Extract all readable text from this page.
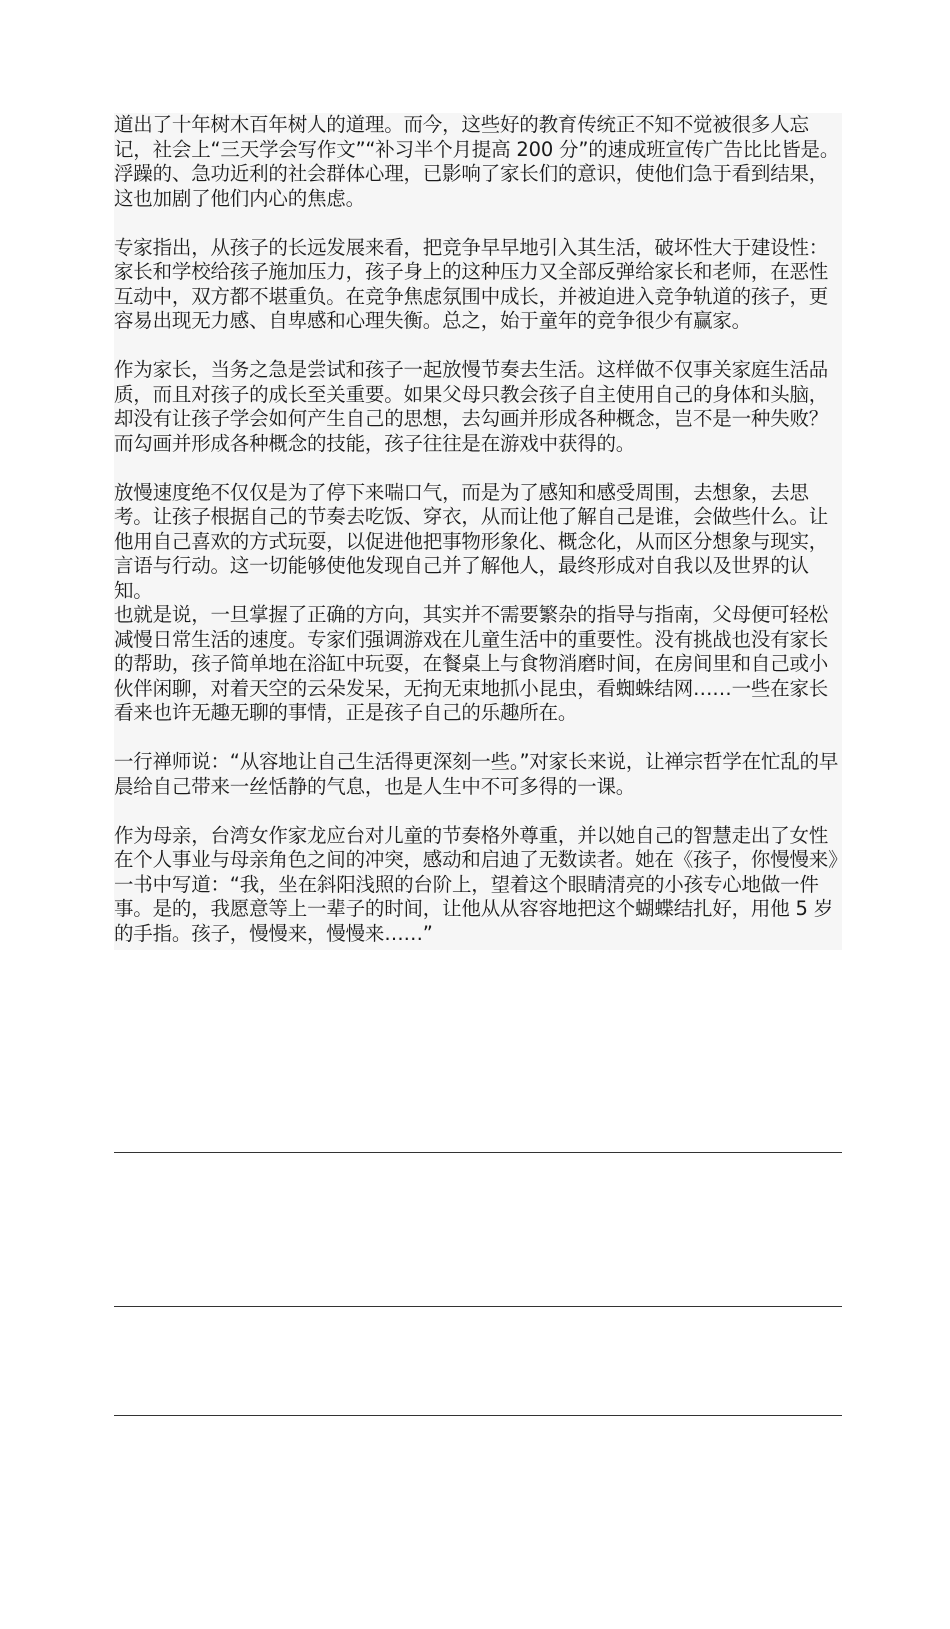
道出了十年树木百年树人的道理。而今，这些好的教育传统正不知不觉被很多人忘记，社会上“三天学会写作文”“补习半个月提高 200 分”的速成班宣传广告比比皆是。浮躁的、急功近利的社会群体心理，已影响了家长们的意识，使他们急于看到结果，这也加剧了他们内心的焦虑。

专家指出，从孩子的长远发展来看，把竞争早早地引入其生活，破坏性大于建设性：家长和学校给孩子施加压力，孩子身上的这种压力又全部反弹给家长和老师，在恶性互动中，双方都不堪重负。在竞争焦虑氛围中成长，并被迫进入竞争轨道的孩子，更容易出现无力感、自卑感和心理失衡。总之，始于童年的竞争很少有赢家。

作为家长，当务之急是尝试和孩子一起放慢节奏去生活。这样做不仅事关家庭生活品质，而且对孩子的成长至关重要。如果父母只教会孩子自主使用自己的身体和头脑，却没有让孩子学会如何产生自己的思想，去勾画并形成各种概念，岂不是一种失败？而勾画并形成各种概念的技能，孩子往往是在游戏中获得的。

放慢速度绝不仅仅是为了停下来喘口气，而是为了感知和感受周围，去想象，去思考。让孩子根据自己的节奏去吃饭、穿衣，从而让他了解自己是谁，会做些什么。让他用自己喜欢的方式玩耍，以促进他把事物形象化、概念化，从而区分想象与现实，言语与行动。这一切能够使他发现自己并了解他人，最终形成对自我以及世界的认知。

也就是说，一旦掌握了正确的方向，其实并不需要繁杂的指导与指南，父母便可轻松减慢日常生活的速度。专家们强调游戏在儿童生活中的重要性。没有挑战也没有家长的帮助，孩子简单地在浴缸中玩耍，在餐桌上与食物消磨时间，在房间里和自己或小伙伴闲聊，对着天空的云朵发呆，无拘无束地抓小昆虫，看蜘蛛结网……一些在家长看来也许无趣无聊的事情，正是孩子自己的乐趣所在。

一行禅师说：“从容地让自己生活得更深刻一些。”对家长来说，让禅宗哲学在忙乱的早晨给自己带来一丝恬静的气息，也是人生中不可多得的一课。

作为母亲，台湾女作家龙应台对儿童的节奏格外尊重，并以她自己的智慧走出了女性在个人事业与母亲角色之间的冲突，感动和启迪了无数读者。她在《孩子，你慢慢来》一书中写道：“我，坐在斜阳浅照的台阶上，望着这个眼睛清亮的小孩专心地做一件事。是的，我愿意等上一辈子的时间，让他从从容容地把这个蝴蝶结扎好，用他 5 岁的手指。孩子，慢慢来，慢慢来……”
